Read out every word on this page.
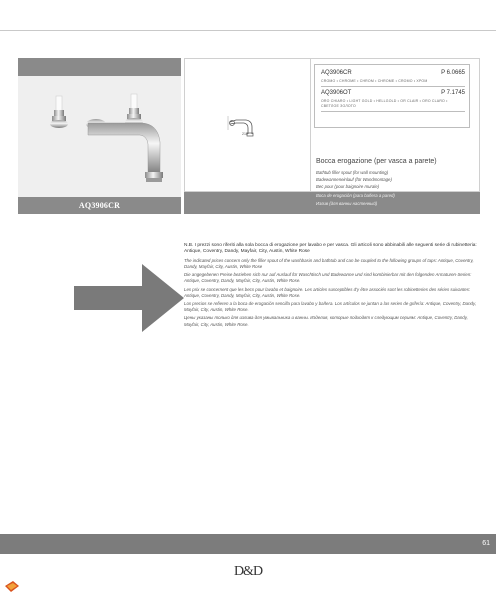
AQ3906CR
210
AQ3906CR	P 6.0665
CROMO • CHROME • CHROM • CHROME • CROMO • ХРОМ
AQ3906OT	P 7.1745
ORO CHIARO • LIGHT GOLD • HELLGOLD • OR CLAIR • ORO CLARO • СВЕТЛОЕ ЗОЛОТО
Bocca erogazione (per vasca a parete)
Bathtub filler spout (for wall mounting)
Badewanneneinlauf (für Wandmontage)
Bec pour (pour baignoire murale)
Boca de erogación (para bañera a pared)
Излив (для ванны настенный)

N.B. I prezzi sono riferiti alla sola bocca di erogazione per lavabo e per vasca. Gli articoli sono abbinabili alle seguenti serie di rubinetteria: Antique, Coventry, Dandy, Mayfair, City, Austin, White Rose

The indicated prices concern only the filler spout of the washbasin and bathtub and can be coupled to the following groups of taps: Antique, Coventry, Dandy, Mayfair, City, Austin, White Rose

Die angegebenen Preise beziehen sich nur auf Auslauf für Waschtisch und Badewanne und sind kombinierbar mit den folgenden Armaturen-Serien: Antique, Coventry, Dandy, Mayfair, City, Austin, White Rose.

Les prix se concernent que les becs pour lavabo et baignoire. Les articles susceptibles d'y être associés sont les robinetteries des séries suivantes: Antique, Coventry, Dandy, Mayfair, City, Austin, White Rose.

Los precios se refieren a la boca de erogación sencilla para lavabo y bañera. Los artículos se juntan a las series de grifería: Antique, Coventry, Dandy, Mayfair, City, Austin, White Rose.

Цены указаны только для излива для умывальника и ванны. Изделия, которые подходят к следующим сериям: Antique, Coventry, Dandy, Mayfair, City, Austin, White Rose.

61
D&D
